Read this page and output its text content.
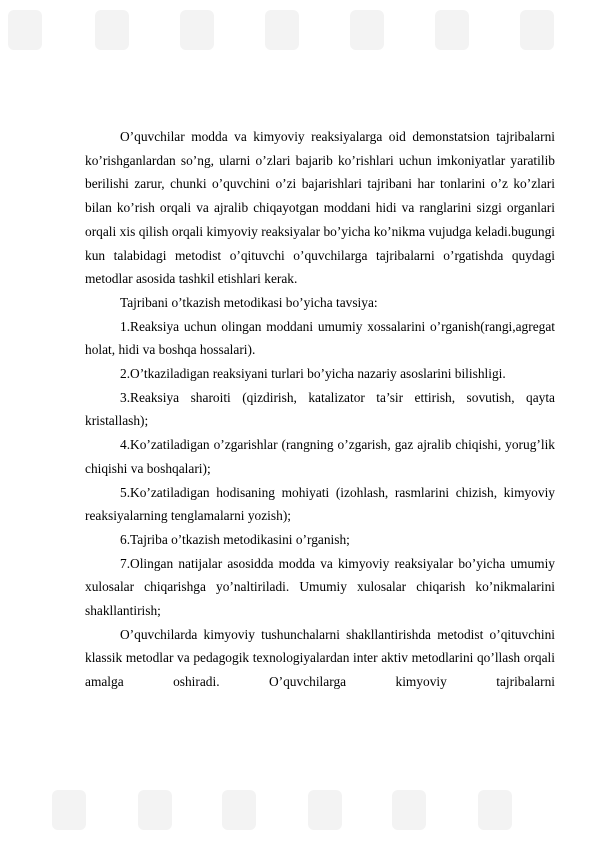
O’quvchilar modda va kimyoviy reaksiyalarga oid demonstatsion tajribalarni ko’rishganlardan so’ng, ularni o’zlari bajarib ko’rishlari uchun imkoniyatlar yaratilib berilishi zarur, chunki o’quvchini o’zi bajarishlari tajribani har tonlarini o’z ko’zlari bilan ko’rish orqali va ajralib chiqayotgan moddani hidi va ranglarini sizgi organlari orqali xis qilish orqali kimyoviy reaksiyalar bo’yicha ko’nikma vujudga keladi.bugungi kun talabidagi metodist o’qituvchi o’quvchilarga tajribalarni o’rgatishda quydagi metodlar asosida tashkil etishlari kerak.

Tajribani o’tkazish metodikasi bo’yicha tavsiya:

1.Reaksiya uchun olingan moddani umumiy xossalarini o’rganish(rangi,agregat holat, hidi va boshqa hossalari).

2.O’tkaziladigan reaksiyani turlari bo’yicha nazariy asoslarini bilishligi.

3.Reaksiya sharoiti (qizdirish, katalizator ta’sir ettirish, sovutish, qayta kristallash);

4.Ko’zatiladigan o’zgarishlar (rangning o’zgarish, gaz ajralib chiqishi, yorug’lik chiqishi va boshqalari);

5.Ko’zatiladigan hodisaning mohiyati (izohlash, rasmlarini chizish, kimyoviy reaksiyalarning tenglamalarni yozish);

6.Tajriba o’tkazish metodikasini o’rganish;

7.Olingan natijalar asosidda modda va kimyoviy reaksiyalar bo’yicha umumiy xulosalar chiqarishga yo’naltiriladi. Umumiy xulosalar chiqarish ko’nikmalarini shakllantirish;

O’quvchilarda kimyoviy tushunchalarni shakllantirishda metodist o’qituvchini klassik metodlar va pedagogik texnologiyalardan inter aktiv metodlarini qo’llash orqali amalga oshiradi. O’quvchilarga kimyoviy tajribalarni
